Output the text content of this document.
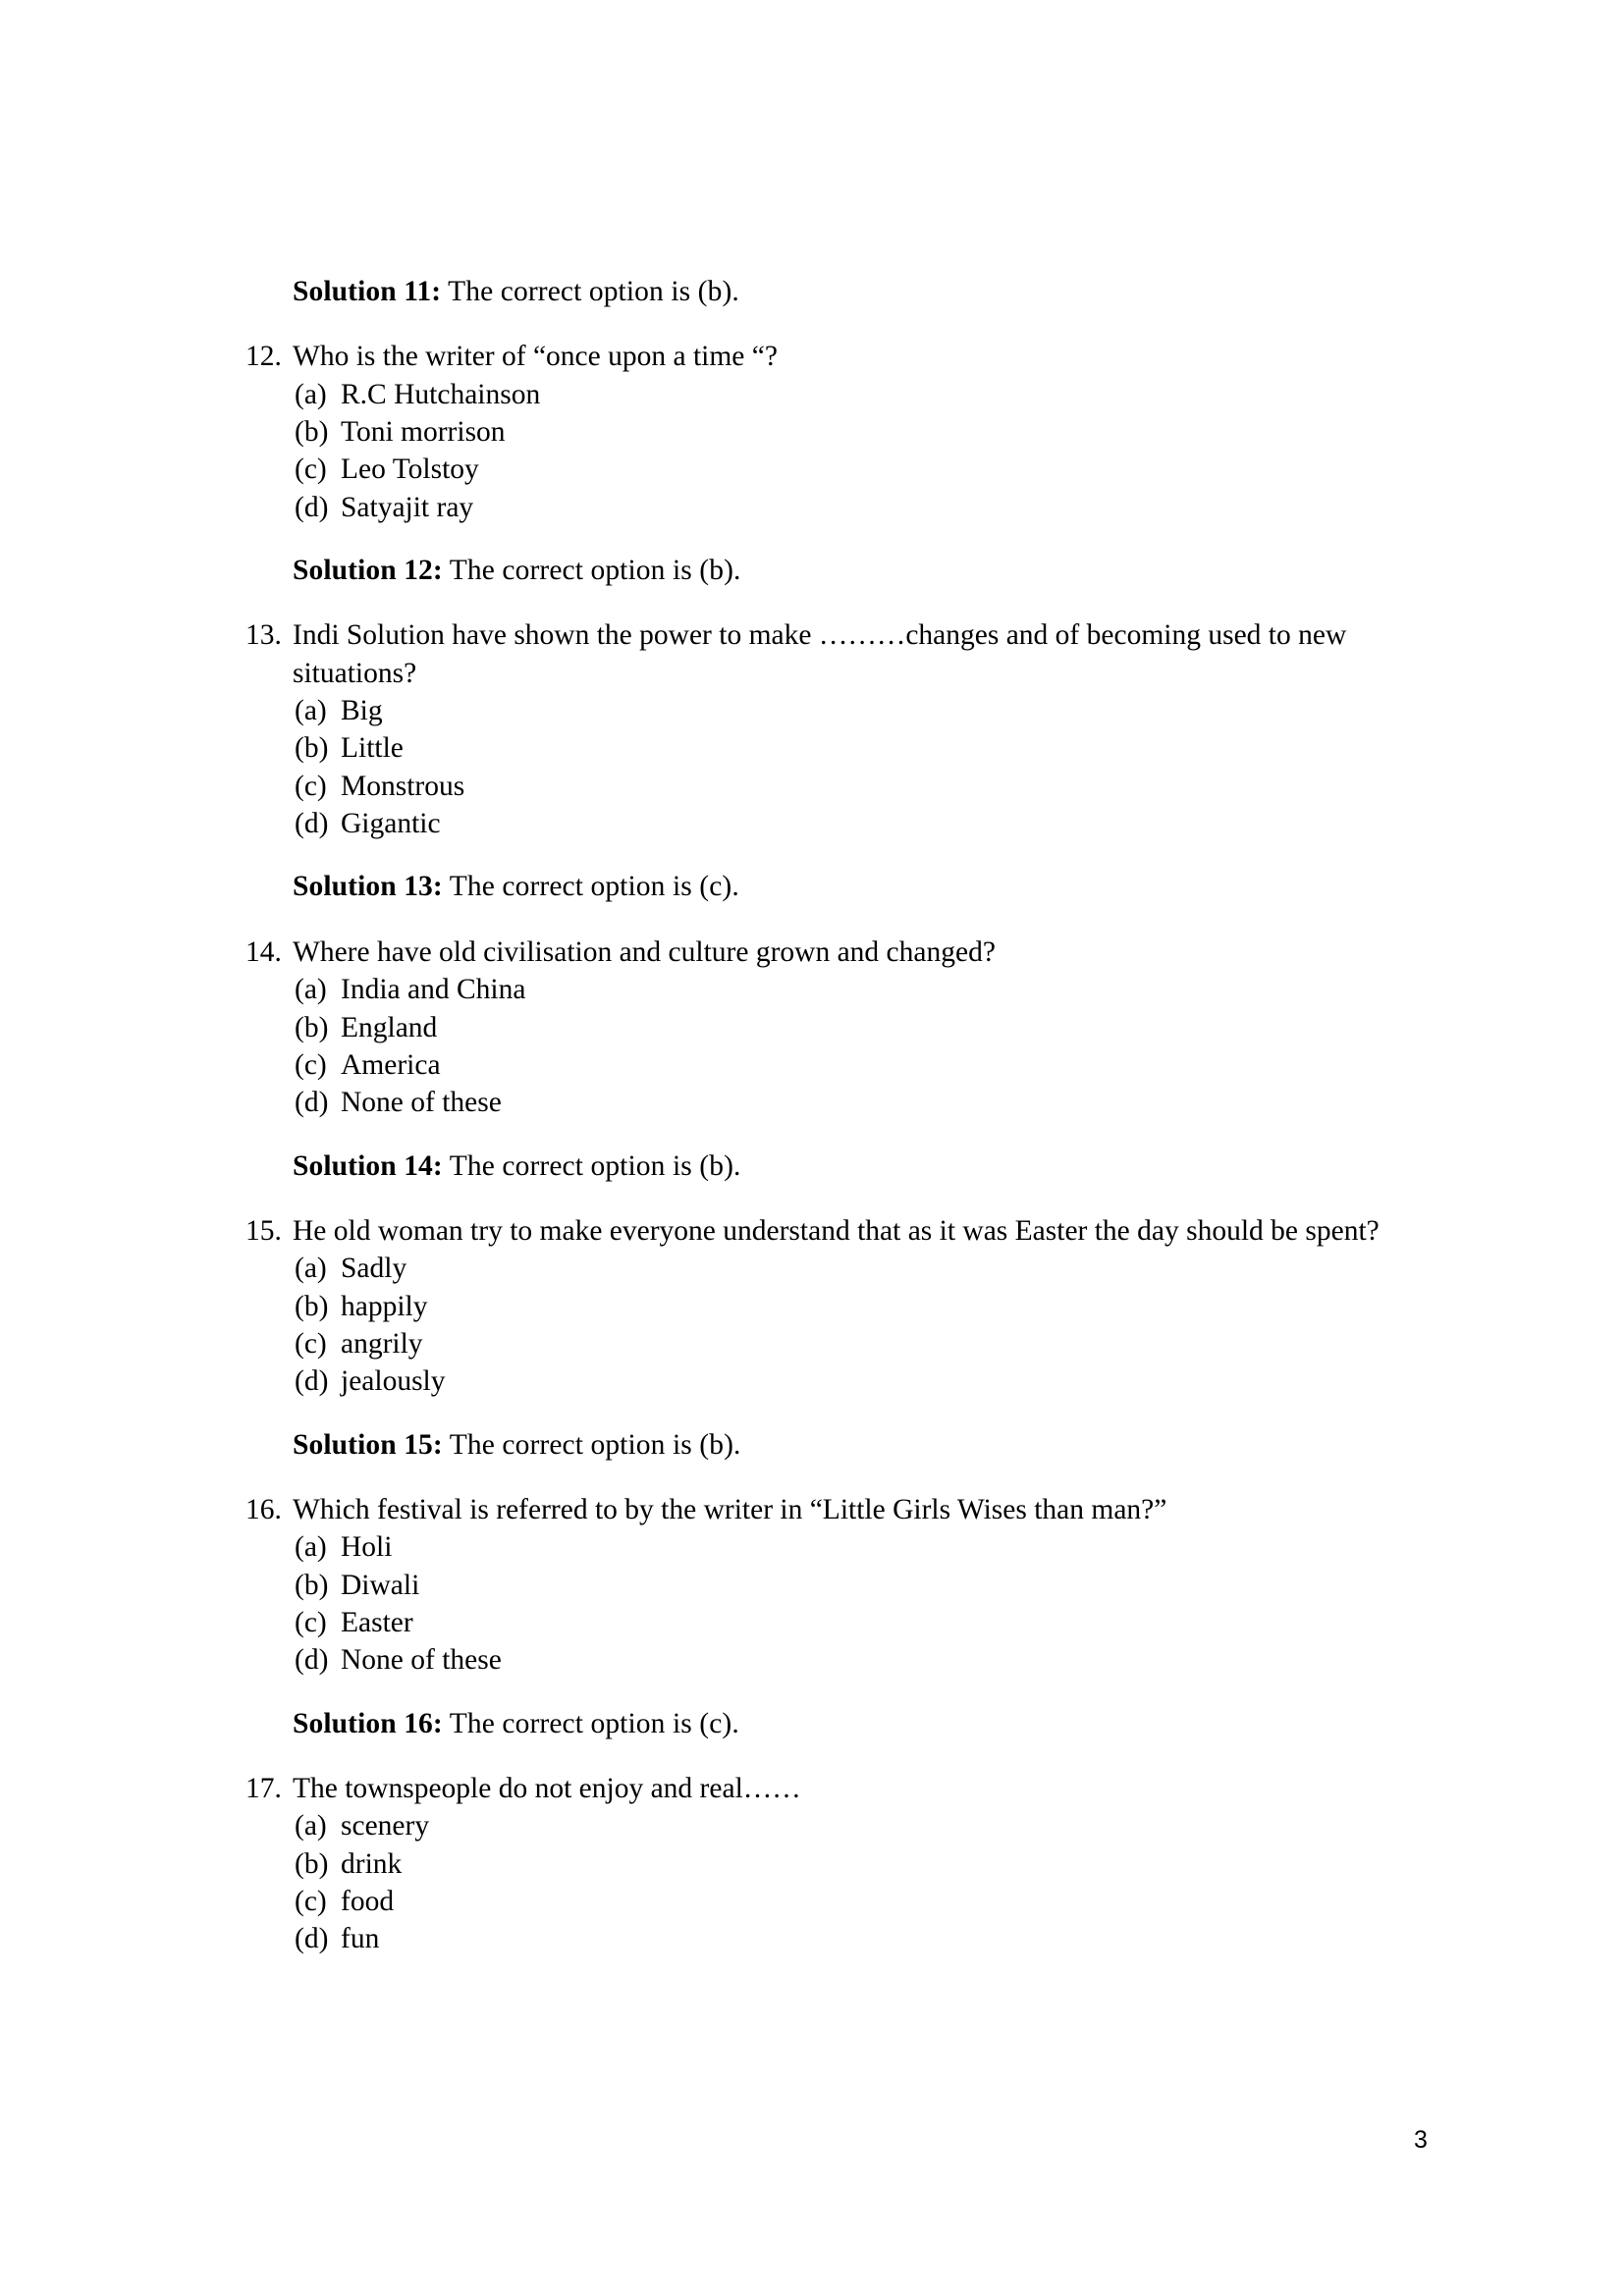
Solution 11: The correct option is (b).
12. Who is the writer of “once upon a time “?
(a) R.C Hutchainson
(b) Toni morrison
(c) Leo Tolstoy
(d) Satyajit ray
Solution 12: The correct option is (b).
13. Indi Solution have shown the power to make ………changes and of becoming used to new situations?
(a) Big
(b) Little
(c) Monstrous
(d) Gigantic
Solution 13: The correct option is (c).
14. Where have old civilisation and culture grown and changed?
(a) India and China
(b) England
(c) America
(d) None of these
Solution 14: The correct option is (b).
15. He old woman try to make everyone understand that as it was Easter the day should be spent?
(a) Sadly
(b) happily
(c) angrily
(d) jealously
Solution 15: The correct option is (b).
16. Which festival is referred to by the writer in “Little Girls Wises than man?”
(a) Holi
(b) Diwali
(c) Easter
(d) None of these
Solution 16: The correct option is (c).
17. The townspeople do not enjoy and real……
(a) scenery
(b) drink
(c) food
(d) fun
3
